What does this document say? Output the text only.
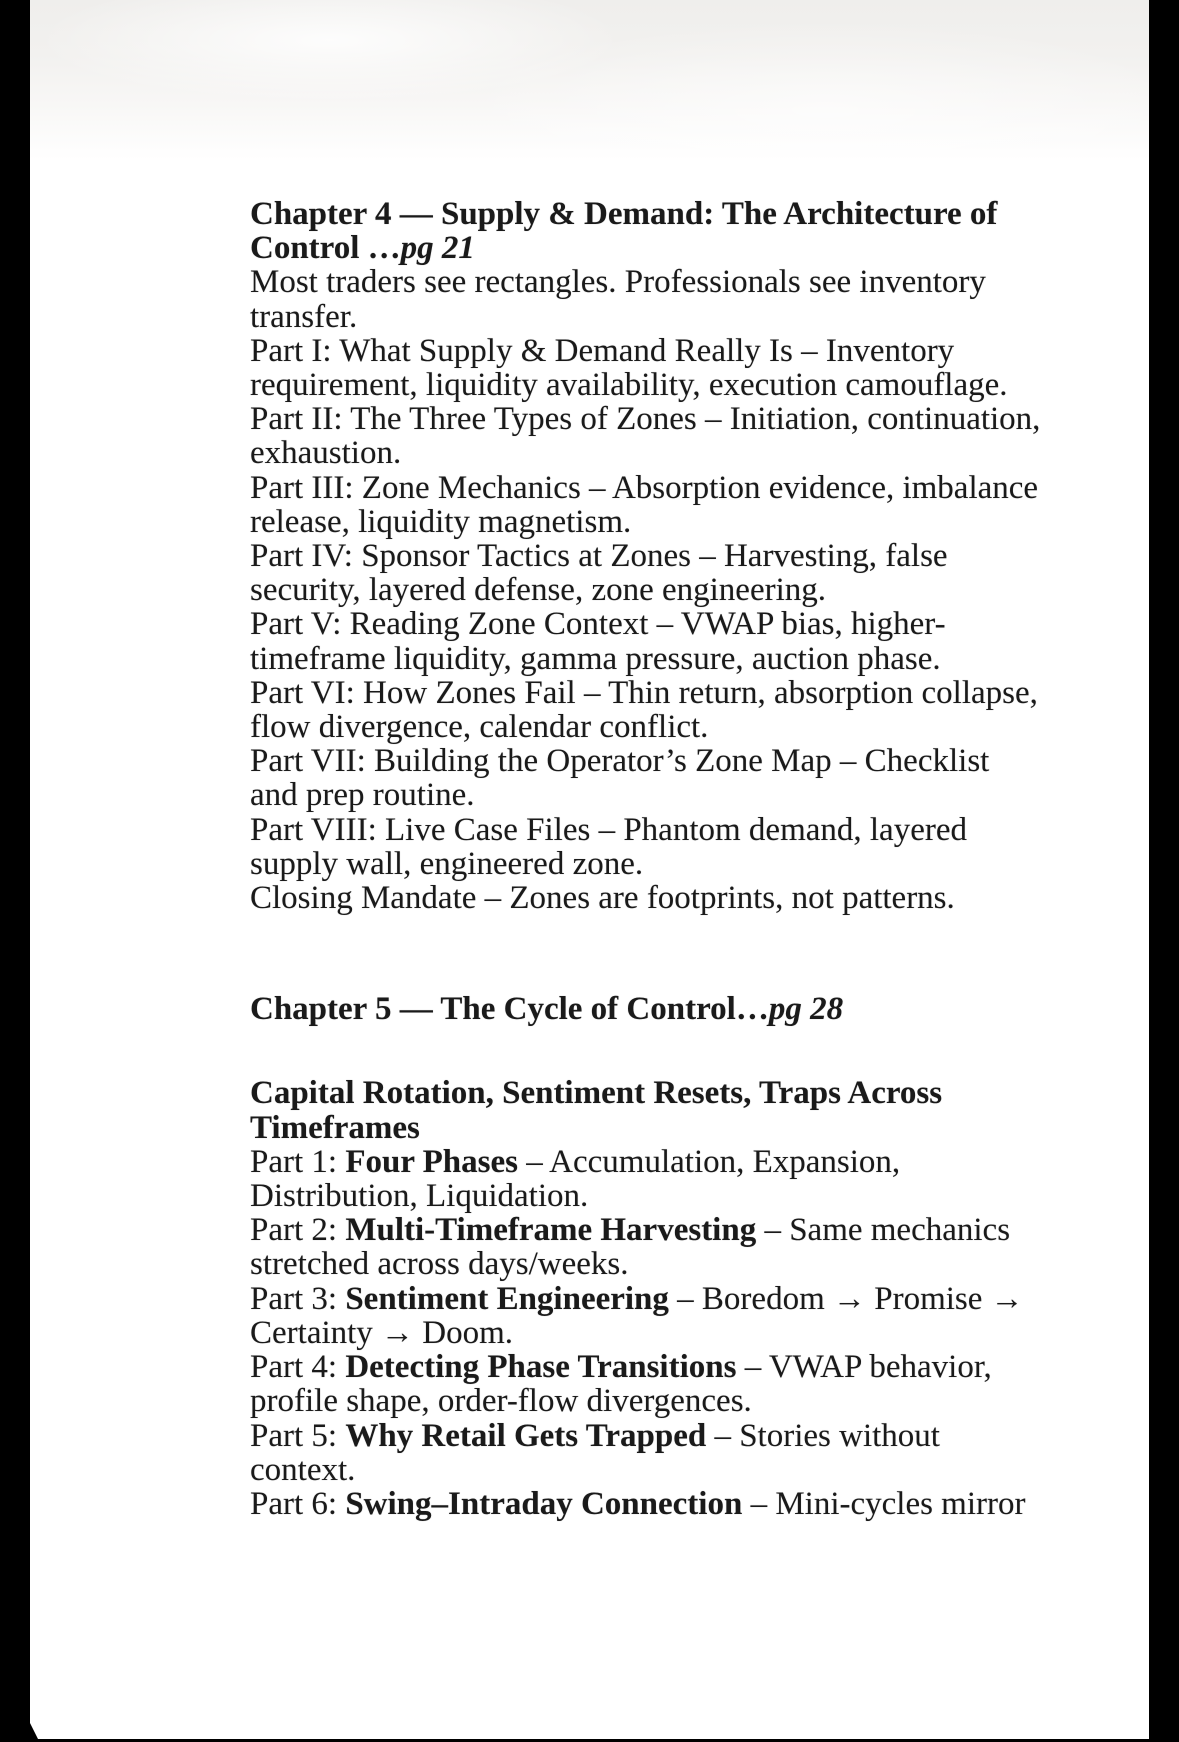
Chapter 4 — Supply & Demand: The Architecture of
Control …pg 21
Most traders see rectangles. Professionals see inventory
transfer.
Part I: What Supply & Demand Really Is – Inventory
requirement, liquidity availability, execution camouflage.
Part II: The Three Types of Zones – Initiation, continuation,
exhaustion.
Part III: Zone Mechanics – Absorption evidence, imbalance
release, liquidity magnetism.
Part IV: Sponsor Tactics at Zones – Harvesting, false
security, layered defense, zone engineering.
Part V: Reading Zone Context – VWAP bias, higher-
timeframe liquidity, gamma pressure, auction phase.
Part VI: How Zones Fail – Thin return, absorption collapse,
flow divergence, calendar conflict.
Part VII: Building the Operator’s Zone Map – Checklist
and prep routine.
Part VIII: Live Case Files – Phantom demand, layered
supply wall, engineered zone.
Closing Mandate – Zones are footprints, not patterns.
Chapter 5 — The Cycle of Control…pg 28
Capital Rotation, Sentiment Resets, Traps Across
Timeframes
Part 1: Four Phases – Accumulation, Expansion,
Distribution, Liquidation.
Part 2: Multi-Timeframe Harvesting – Same mechanics
stretched across days/weeks.
Part 3: Sentiment Engineering – Boredom → Promise →
Certainty → Doom.
Part 4: Detecting Phase Transitions – VWAP behavior,
profile shape, order-flow divergences.
Part 5: Why Retail Gets Trapped – Stories without
context.
Part 6: Swing–Intraday Connection – Mini-cycles mirror
